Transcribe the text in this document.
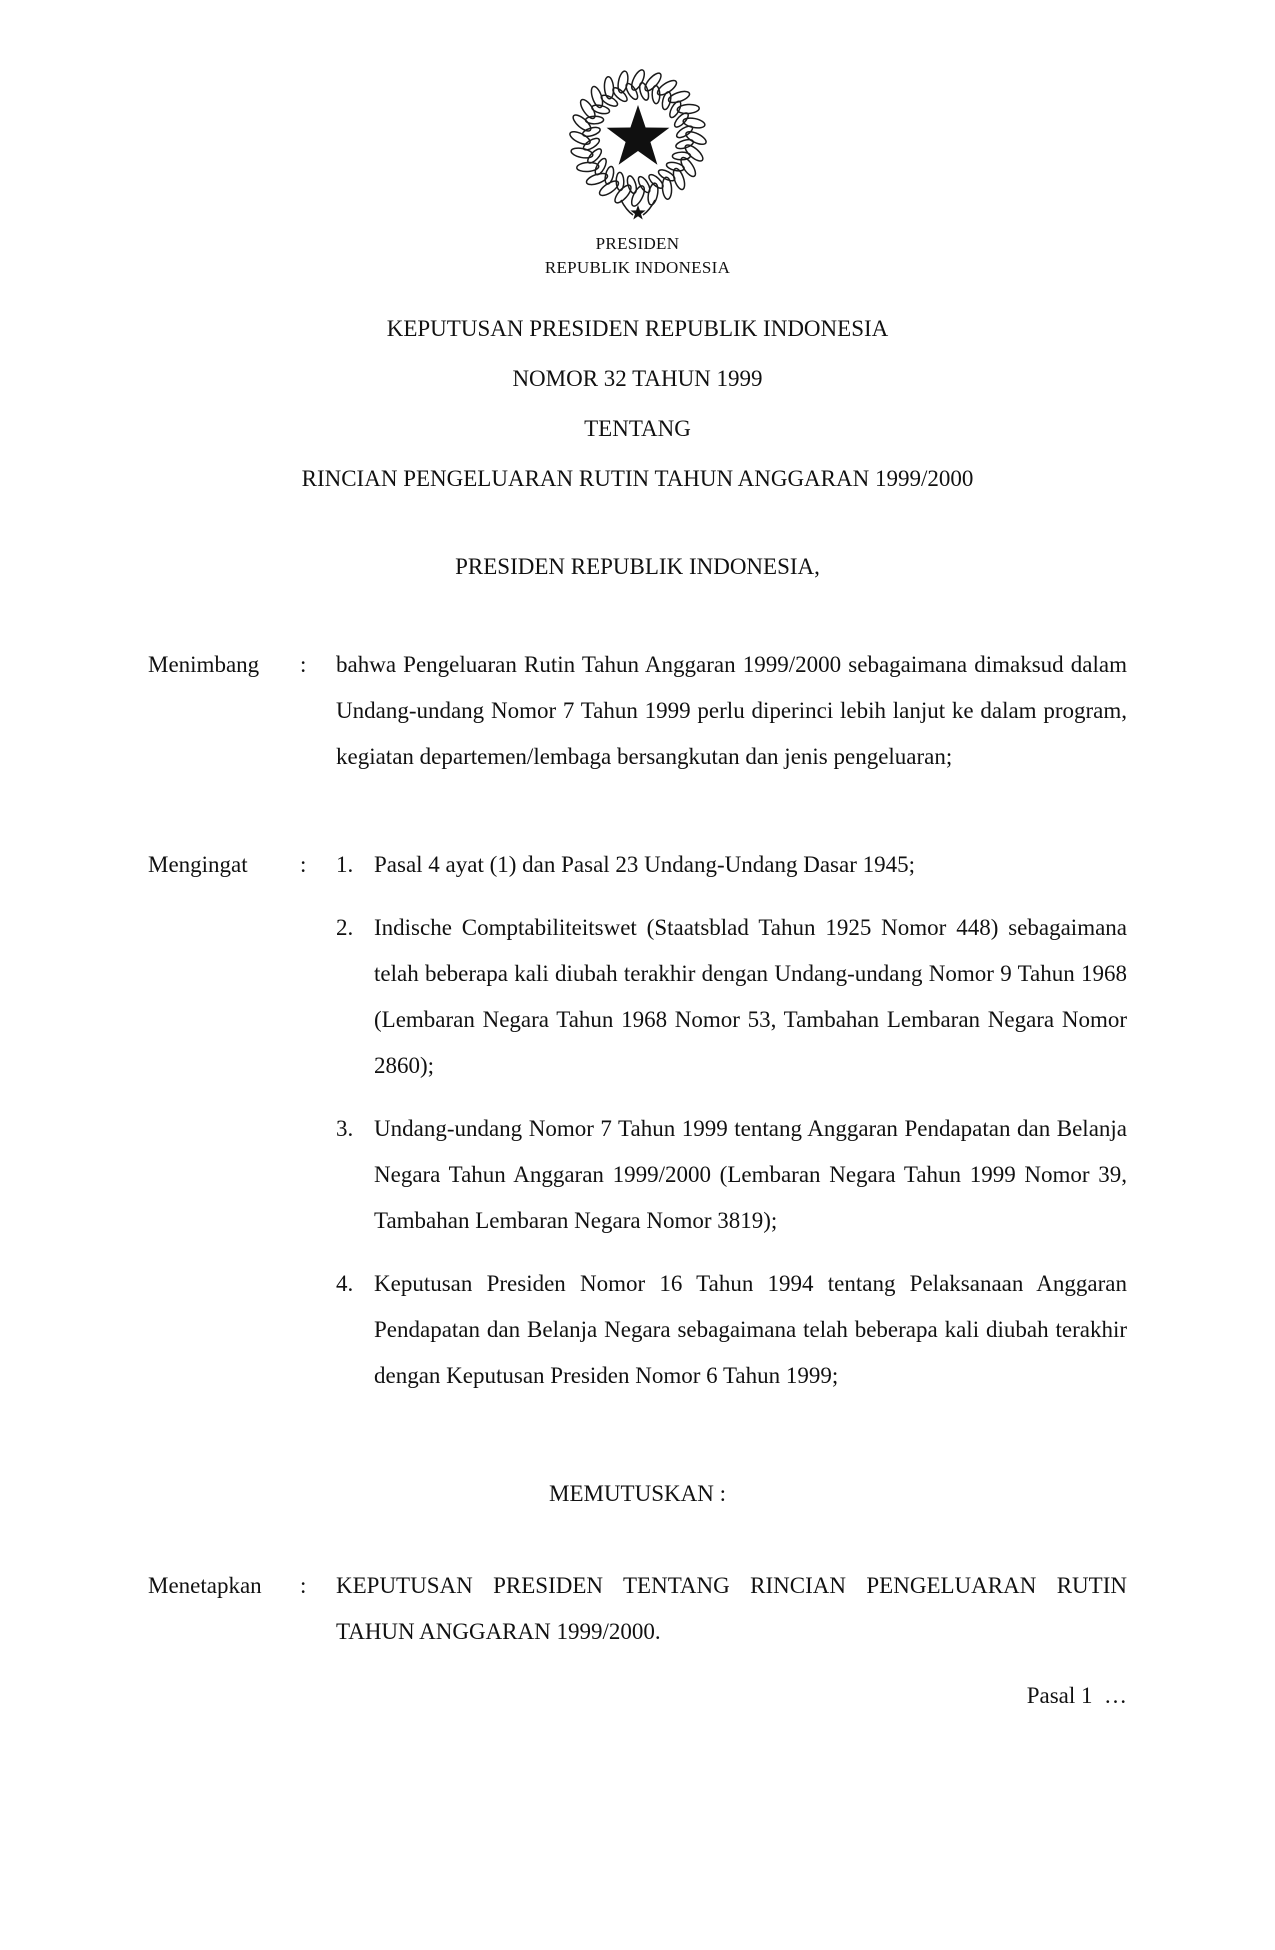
PRESIDEN
REPUBLIK INDONESIA
KEPUTUSAN PRESIDEN REPUBLIK INDONESIA
NOMOR 32 TAHUN 1999
TENTANG
RINCIAN PENGELUARAN RUTIN TAHUN ANGGARAN 1999/2000
PRESIDEN REPUBLIK INDONESIA,
Menimbang	:	bahwa Pengeluaran Rutin Tahun Anggaran 1999/2000 sebagaimana dimaksud dalam Undang-undang Nomor 7 Tahun 1999 perlu diperinci lebih lanjut ke dalam program, kegiatan departemen/lembaga bersangkutan dan jenis pengeluaran;
Mengingat	:	1. Pasal 4 ayat (1) dan Pasal 23 Undang-Undang Dasar 1945;
2. Indische Comptabiliteitswet (Staatsblad Tahun 1925 Nomor 448) sebagaimana telah beberapa kali diubah terakhir dengan Undang-undang Nomor 9 Tahun 1968 (Lembaran Negara Tahun 1968 Nomor 53, Tambahan Lembaran Negara Nomor 2860);
3. Undang-undang Nomor 7 Tahun 1999 tentang Anggaran Pendapatan dan Belanja Negara Tahun Anggaran 1999/2000 (Lembaran Negara Tahun 1999 Nomor 39, Tambahan Lembaran Negara Nomor 3819);
4. Keputusan Presiden Nomor 16 Tahun 1994 tentang Pelaksanaan Anggaran Pendapatan dan Belanja Negara sebagaimana telah beberapa kali diubah terakhir dengan Keputusan Presiden Nomor 6 Tahun 1999;
MEMUTUSKAN :
Menetapkan	:	KEPUTUSAN PRESIDEN TENTANG RINCIAN PENGELUARAN RUTIN TAHUN ANGGARAN 1999/2000.
Pasal 1  …
